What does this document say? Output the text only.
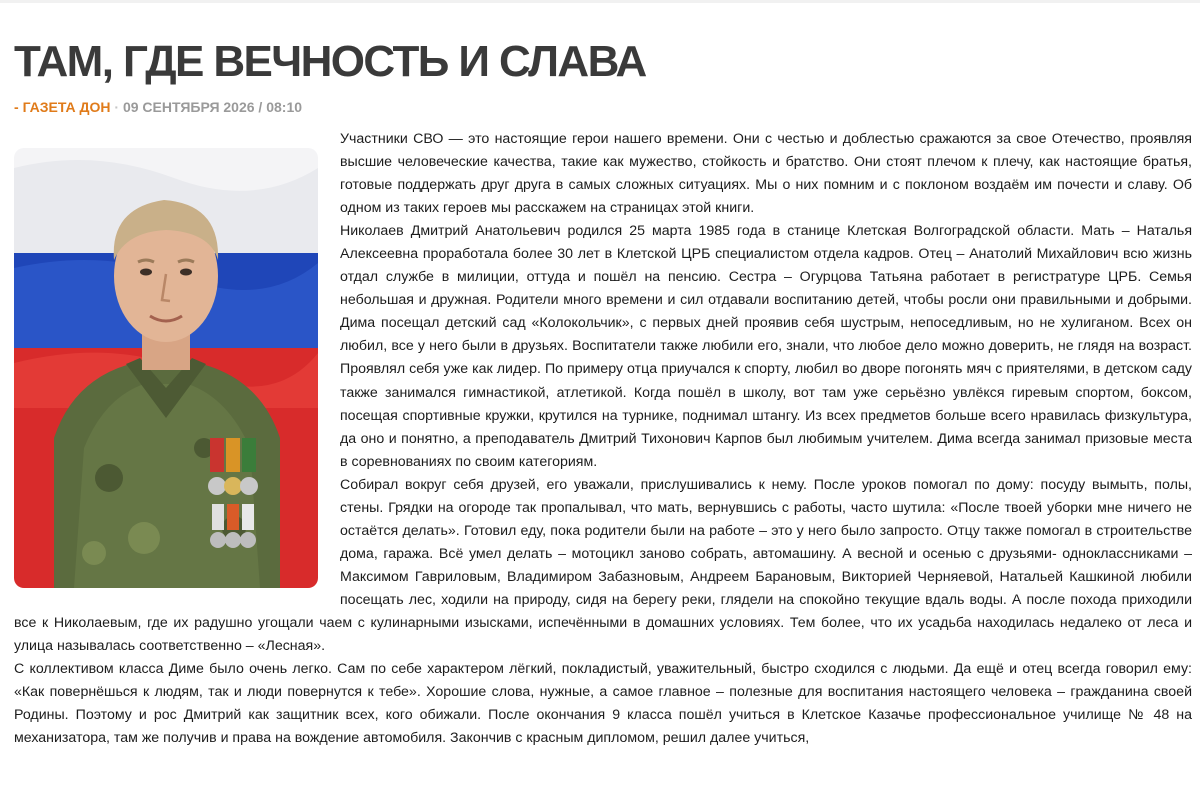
ТАМ, ГДЕ ВЕЧНОСТЬ И СЛАВА
- ГАЗЕТА ДОН · 09 СЕНТЯБРЯ 2026 / 08:10

Участники СВО — это настоящие герои нашего времени. Они с честью и доблестью сражаются за свое Отечество, проявляя высшие человеческие качества, такие как мужество, стойкость и братство. Они стоят плечом к плечу, как настоящие братья, готовые поддержать друг друга в самых сложных ситуациях. Мы о них помним и с поклоном воздаём им почести и славу. Об одном из таких героев мы расскажем на страницах этой книги.

Николаев Дмитрий Анатольевич родился 25 марта 1985 года в станице Клетская Волгоградской области. Мать – Наталья Алексеевна проработала более 30 лет в Клетской ЦРБ специалистом отдела кадров. Отец – Анатолий Михайлович всю жизнь отдал службе в милиции, оттуда и пошёл на пенсию. Сестра – Огурцова Татьяна работает в регистратуре ЦРБ. Семья небольшая и дружная. Родители много времени и сил отдавали воспитанию детей, чтобы росли они правильными и добрыми. Дима посещал детский сад «Колокольчик», с первых дней проявив себя шустрым, непоседливым, но не хулиганом. Всех он любил, все у него были в друзьях. Воспитатели также любили его, знали, что любое дело можно доверить, не глядя на возраст. Проявлял себя уже как лидер. По примеру отца приучался к спорту, любил во дворе погонять мяч с приятелями, в детском саду также занимался гимнастикой, атлетикой. Когда пошёл в школу, вот там уже серьёзно увлёкся гиревым спортом, боксом, посещая спортивные кружки, крутился на турнике, поднимал штангу. Из всех предметов больше всего нравилась физкультура, да оно и понятно, а преподаватель Дмитрий Тихонович Карпов был любимым учителем. Дима всегда занимал призовые места в соревнованиях по своим категориям.

Собирал вокруг себя друзей, его уважали, прислушивались к нему. После уроков помогал по дому: посуду вымыть, полы, стены. Грядки на огороде так пропалывал, что мать, вернувшись с работы, часто шутила: «После твоей уборки мне ничего не остаётся делать». Готовил еду, пока родители были на работе – это у него было запросто. Отцу также помогал в строительстве дома, гаража. Всё умел делать – мотоцикл заново собрать, автомашину. А весной и осенью с друзьями- одноклассниками – Максимом Гавриловым, Владимиром Забазновым, Андреем Барановым, Викторией Черняевой, Натальей Кашкиной любили посещать лес, ходили на природу, сидя на берегу реки, глядели на спокойно текущие вдаль воды. А после похода приходили все к Николаевым, где их радушно угощали чаем с кулинарными изысками, испечёнными в домашних условиях. Тем более, что их усадьба находилась недалеко от леса и улица называлась соответственно – «Лесная».

С коллективом класса Диме было очень легко. Сам по себе характером лёгкий, покладистый, уважительный, быстро сходился с людьми. Да ещё и отец всегда говорил ему: «Как повернёшься к людям, так и люди повернутся к тебе». Хорошие слова, нужные, а самое главное – полезные для воспитания настоящего человека – гражданина своей Родины. Поэтому и рос Дмитрий как защитник всех, кого обижали. После окончания 9 класса пошёл учиться в Клетское Казачье профессиональное училище № 48 на механизатора, там же получив и права на вождение автомобиля. Закончив с красным дипломом, решил далее учиться,
